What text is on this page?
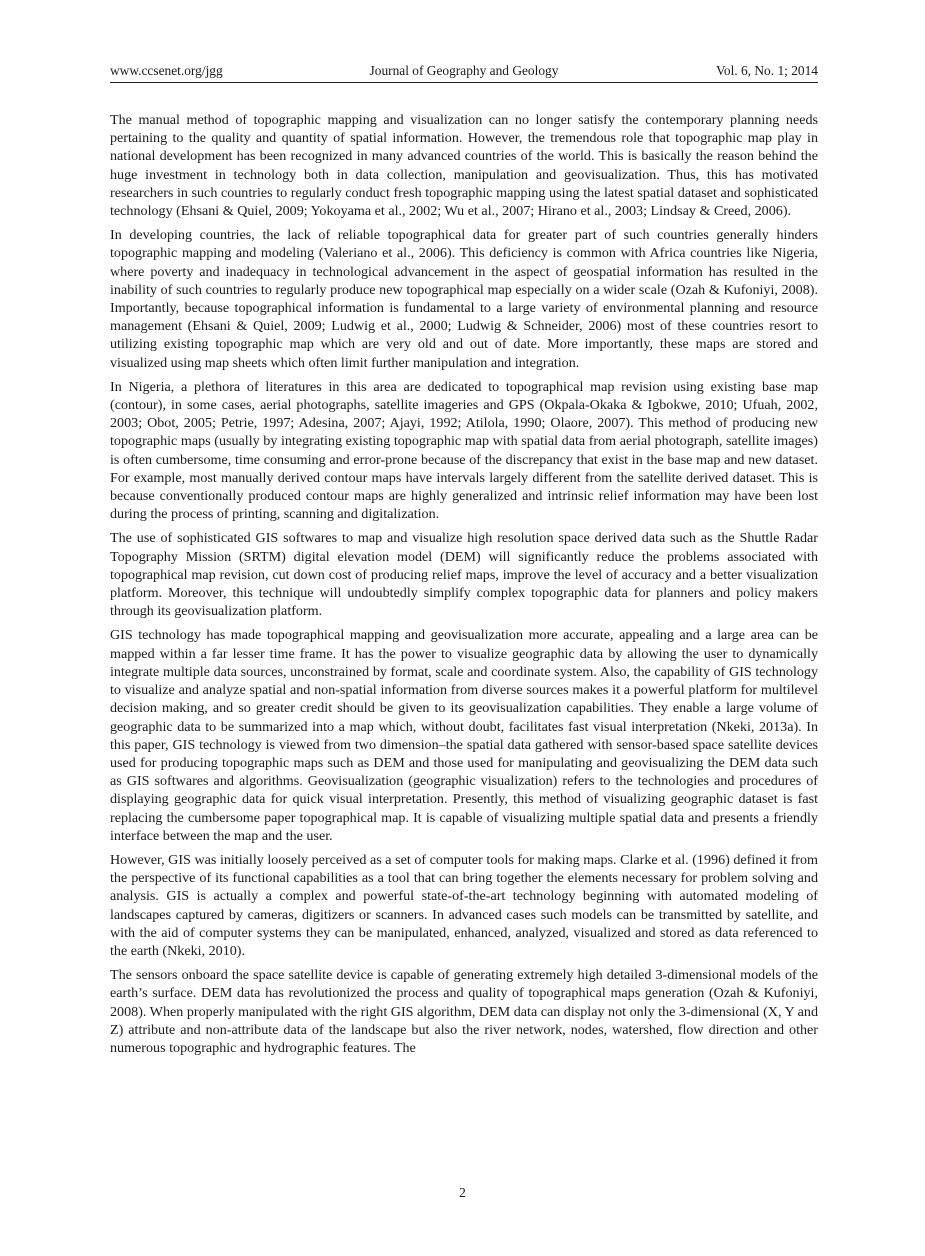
www.ccsenet.org/jgg	Journal of Geography and Geology	Vol. 6, No. 1; 2014

The manual method of topographic mapping and visualization can no longer satisfy the contemporary planning needs pertaining to the quality and quantity of spatial information. However, the tremendous role that topographic map play in national development has been recognized in many advanced countries of the world. This is basically the reason behind the huge investment in technology both in data collection, manipulation and geovisualization. Thus, this has motivated researchers in such countries to regularly conduct fresh topographic mapping using the latest spatial dataset and sophisticated technology (Ehsani & Quiel, 2009; Yokoyama et al., 2002; Wu et al., 2007; Hirano et al., 2003; Lindsay & Creed, 2006).

In developing countries, the lack of reliable topographical data for greater part of such countries generally hinders topographic mapping and modeling (Valeriano et al., 2006). This deficiency is common with Africa countries like Nigeria, where poverty and inadequacy in technological advancement in the aspect of geospatial information has resulted in the inability of such countries to regularly produce new topographical map especially on a wider scale (Ozah & Kufoniyi, 2008). Importantly, because topographical information is fundamental to a large variety of environmental planning and resource management (Ehsani & Quiel, 2009; Ludwig et al., 2000; Ludwig & Schneider, 2006) most of these countries resort to utilizing existing topographic map which are very old and out of date. More importantly, these maps are stored and visualized using map sheets which often limit further manipulation and integration.

In Nigeria, a plethora of literatures in this area are dedicated to topographical map revision using existing base map (contour), in some cases, aerial photographs, satellite imageries and GPS (Okpala-Okaka & Igbokwe, 2010; Ufuah, 2002, 2003; Obot, 2005; Petrie, 1997; Adesina, 2007; Ajayi, 1992; Atilola, 1990; Olaore, 2007). This method of producing new topographic maps (usually by integrating existing topographic map with spatial data from aerial photograph, satellite images) is often cumbersome, time consuming and error-prone because of the discrepancy that exist in the base map and new dataset. For example, most manually derived contour maps have intervals largely different from the satellite derived dataset. This is because conventionally produced contour maps are highly generalized and intrinsic relief information may have been lost during the process of printing, scanning and digitalization.

The use of sophisticated GIS softwares to map and visualize high resolution space derived data such as the Shuttle Radar Topography Mission (SRTM) digital elevation model (DEM) will significantly reduce the problems associated with topographical map revision, cut down cost of producing relief maps, improve the level of accuracy and a better visualization platform. Moreover, this technique will undoubtedly simplify complex topographic data for planners and policy makers through its geovisualization platform.

GIS technology has made topographical mapping and geovisualization more accurate, appealing and a large area can be mapped within a far lesser time frame. It has the power to visualize geographic data by allowing the user to dynamically integrate multiple data sources, unconstrained by format, scale and coordinate system. Also, the capability of GIS technology to visualize and analyze spatial and non-spatial information from diverse sources makes it a powerful platform for multilevel decision making, and so greater credit should be given to its geovisualization capabilities. They enable a large volume of geographic data to be summarized into a map which, without doubt, facilitates fast visual interpretation (Nkeki, 2013a). In this paper, GIS technology is viewed from two dimension–the spatial data gathered with sensor-based space satellite devices used for producing topographic maps such as DEM and those used for manipulating and geovisualizing the DEM data such as GIS softwares and algorithms. Geovisualization (geographic visualization) refers to the technologies and procedures of displaying geographic data for quick visual interpretation. Presently, this method of visualizing geographic dataset is fast replacing the cumbersome paper topographical map. It is capable of visualizing multiple spatial data and presents a friendly interface between the map and the user.

However, GIS was initially loosely perceived as a set of computer tools for making maps. Clarke et al. (1996) defined it from the perspective of its functional capabilities as a tool that can bring together the elements necessary for problem solving and analysis. GIS is actually a complex and powerful state-of-the-art technology beginning with automated modeling of landscapes captured by cameras, digitizers or scanners. In advanced cases such models can be transmitted by satellite, and with the aid of computer systems they can be manipulated, enhanced, analyzed, visualized and stored as data referenced to the earth (Nkeki, 2010).

The sensors onboard the space satellite device is capable of generating extremely high detailed 3-dimensional models of the earth’s surface. DEM data has revolutionized the process and quality of topographical maps generation (Ozah & Kufoniyi, 2008). When properly manipulated with the right GIS algorithm, DEM data can display not only the 3-dimensional (X, Y and Z) attribute and non-attribute data of the landscape but also the river network, nodes, watershed, flow direction and other numerous topographic and hydrographic features. The

2
